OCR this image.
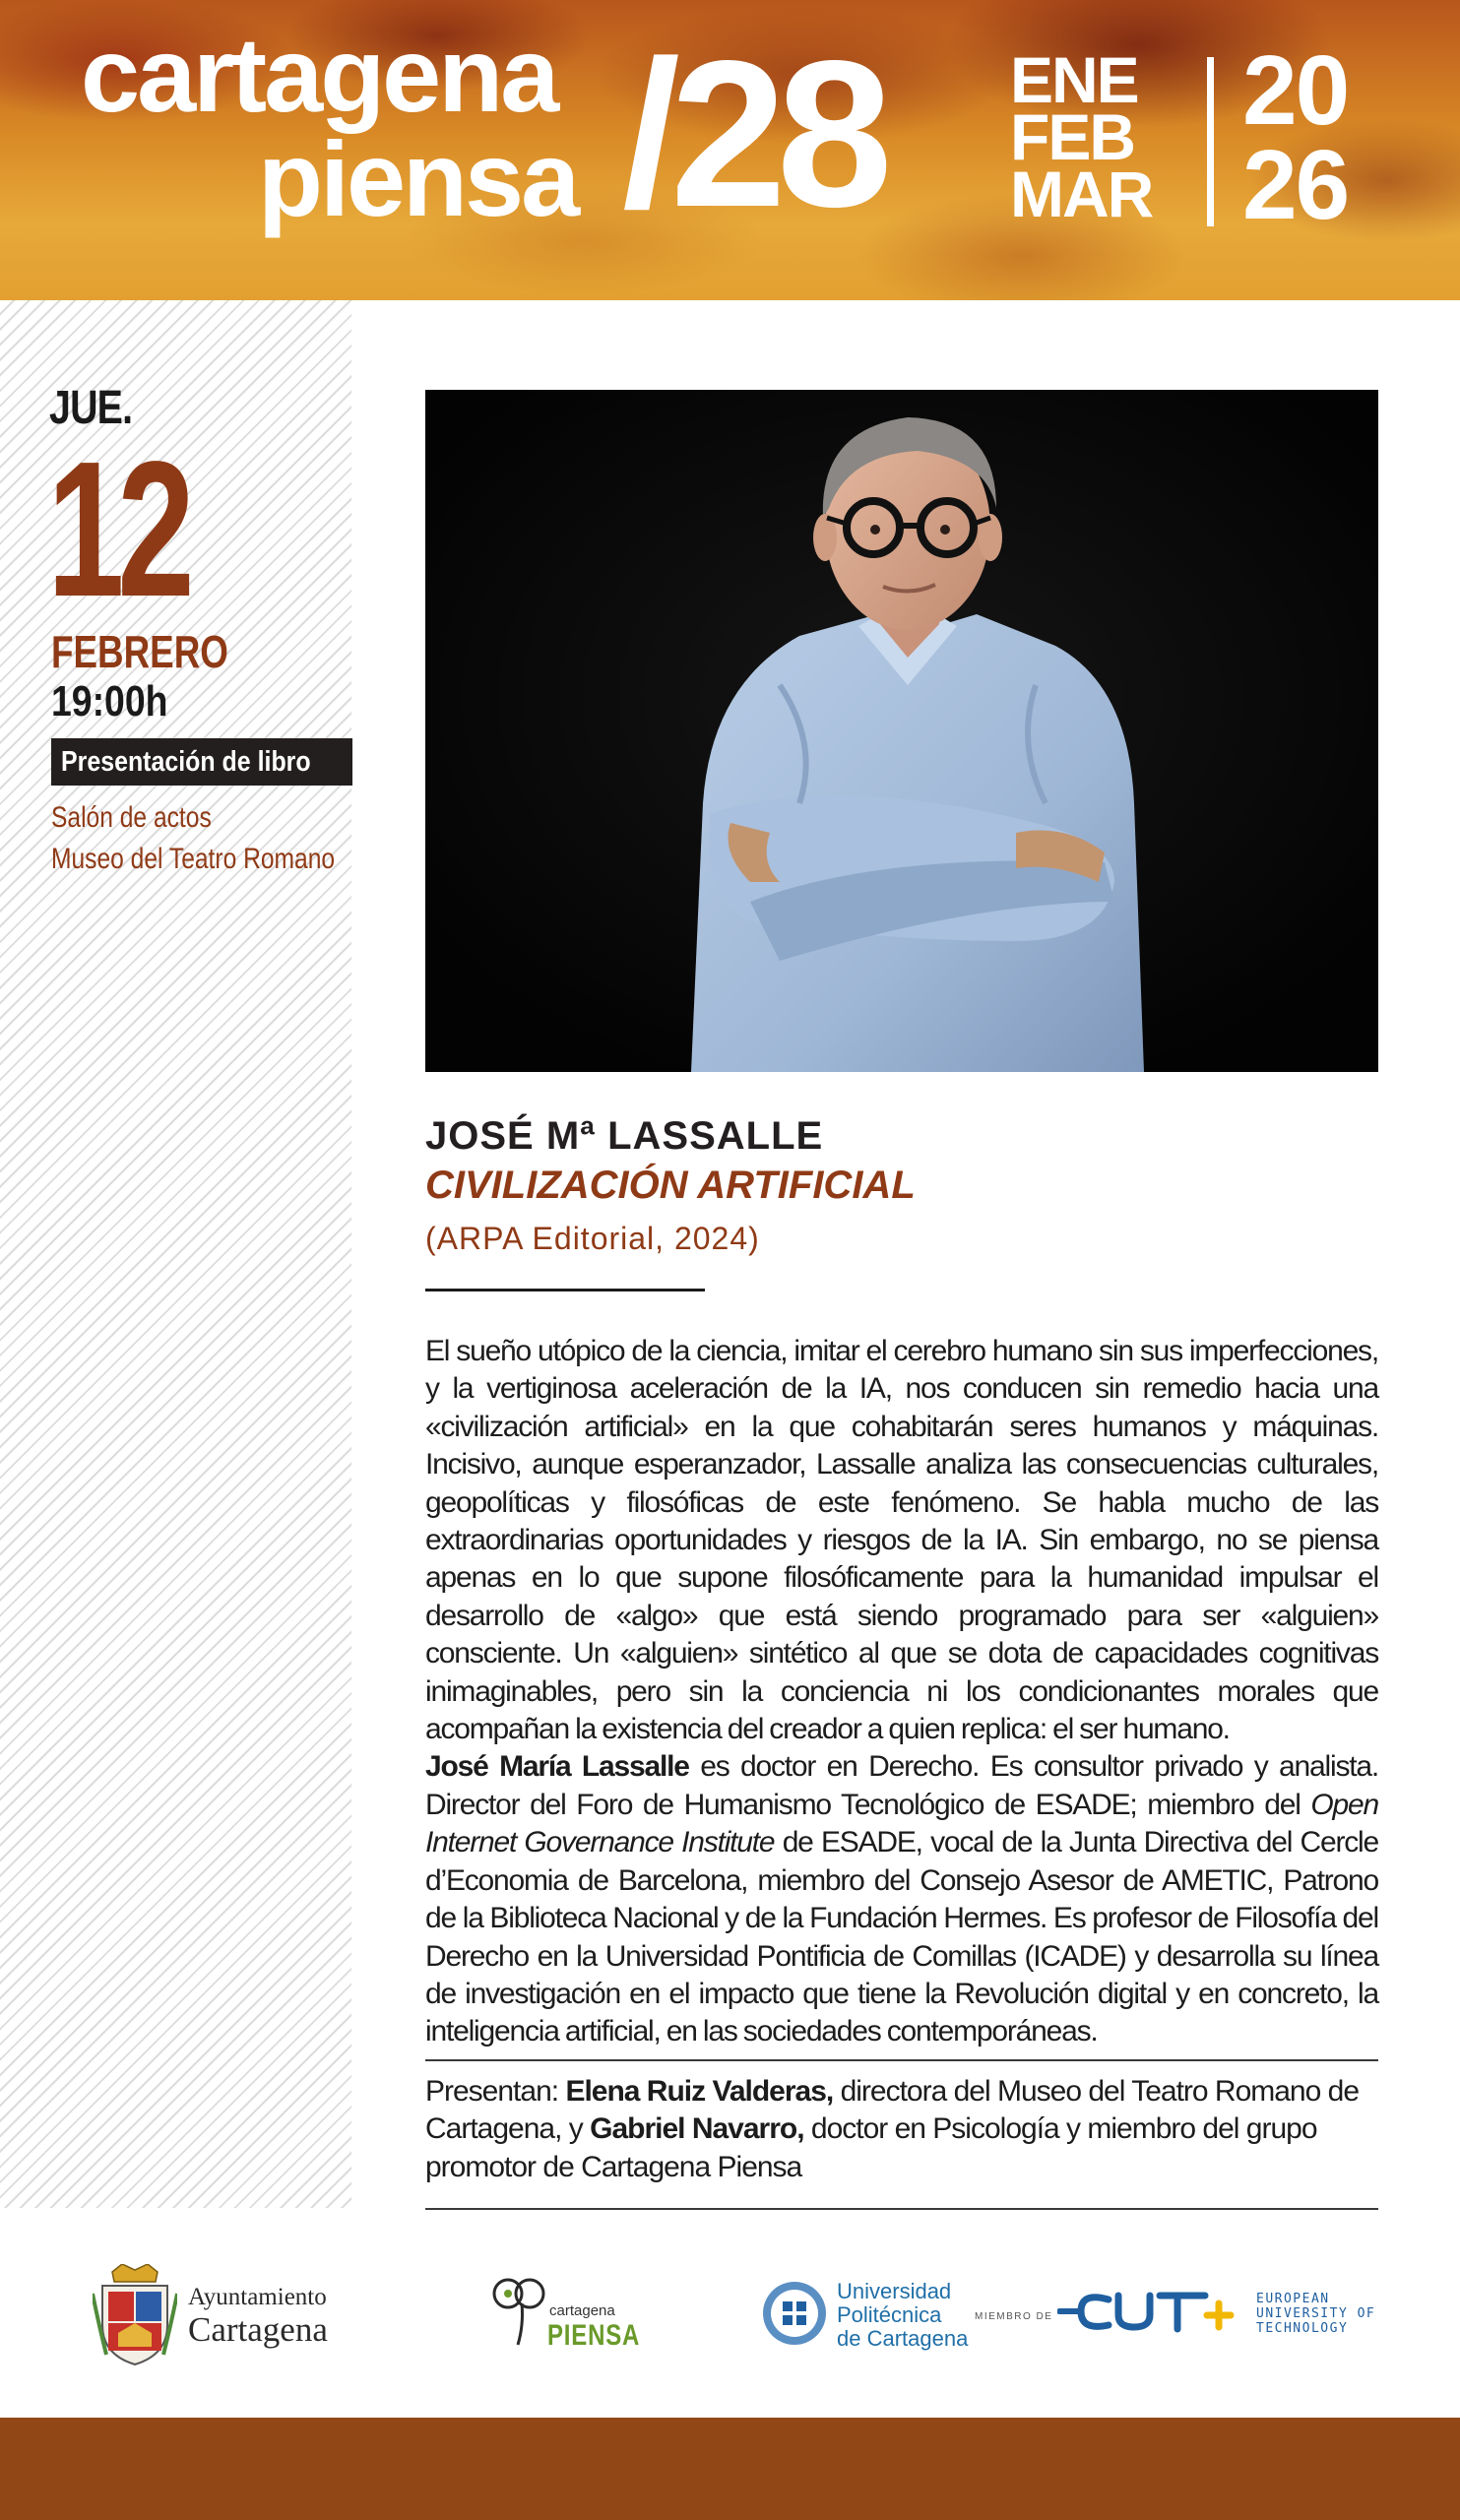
cartagena
piensa /28 ENE
FEB
MAR
20
26
JUE.
12
FEBRERO
19:00h
Presentación de libro
Salón de actos
Museo del Teatro Romano
JOSÉ Mª LASSALLE
CIVILIZACIÓN ARTIFICIAL
(ARPA Editorial, 2024)

El sueño utópico de la ciencia, imitar el cerebro humano sin sus imperfecciones, y la vertiginosa aceleración de la IA, nos conducen sin remedio hacia una «civilización artificial» en la que cohabitarán seres humanos y máquinas. Incisivo, aunque esperanzador, Lassalle analiza las consecuencias culturales, geopolíticas y filosóficas de este fenómeno. Se habla mucho de las extraordinarias oportunidades y riesgos de la IA. Sin embargo, no se piensa apenas en lo que supone filosóficamente para la humanidad impulsar el desarrollo de «algo» que está siendo programado para ser «alguien» consciente. Un «alguien» sintético al que se dota de capacidades cognitivas inimaginables, pero sin la conciencia ni los condicionantes morales que acompañan la existencia del creador a quien replica: el ser humano.

José María Lassalle es doctor en Derecho. Es consultor privado y analista. Director del Foro de Humanismo Tecnológico de ESADE; miembro del Open Internet Governance Institute de ESADE, vocal de la Junta Directiva del Cercle d’Economia de Barcelona, miembro del Consejo Asesor de AMETIC, Patrono de la Biblioteca Nacional y de la Fundación Hermes. Es profesor de Filosofía del Derecho en la Universidad Pontificia de Comillas (ICADE) y desarrolla su línea de investigación en el impacto que tiene la Revolución digital y en concreto, la inteligencia artificial, en las sociedades contemporáneas.

Presentan: Elena Ruiz Valderas, directora del Museo del Teatro Romano de Cartagena, y Gabriel Navarro, doctor en Psicología y miembro del grupo promotor de Cartagena Piensa
Ayuntamiento
Cartagena	cartagena
PIENSA
Universidad
Politécnica
de Cartagena
MIEMBRO DE
EUROPEAN
UNIVERSITY OF
TECHNOLOGY
